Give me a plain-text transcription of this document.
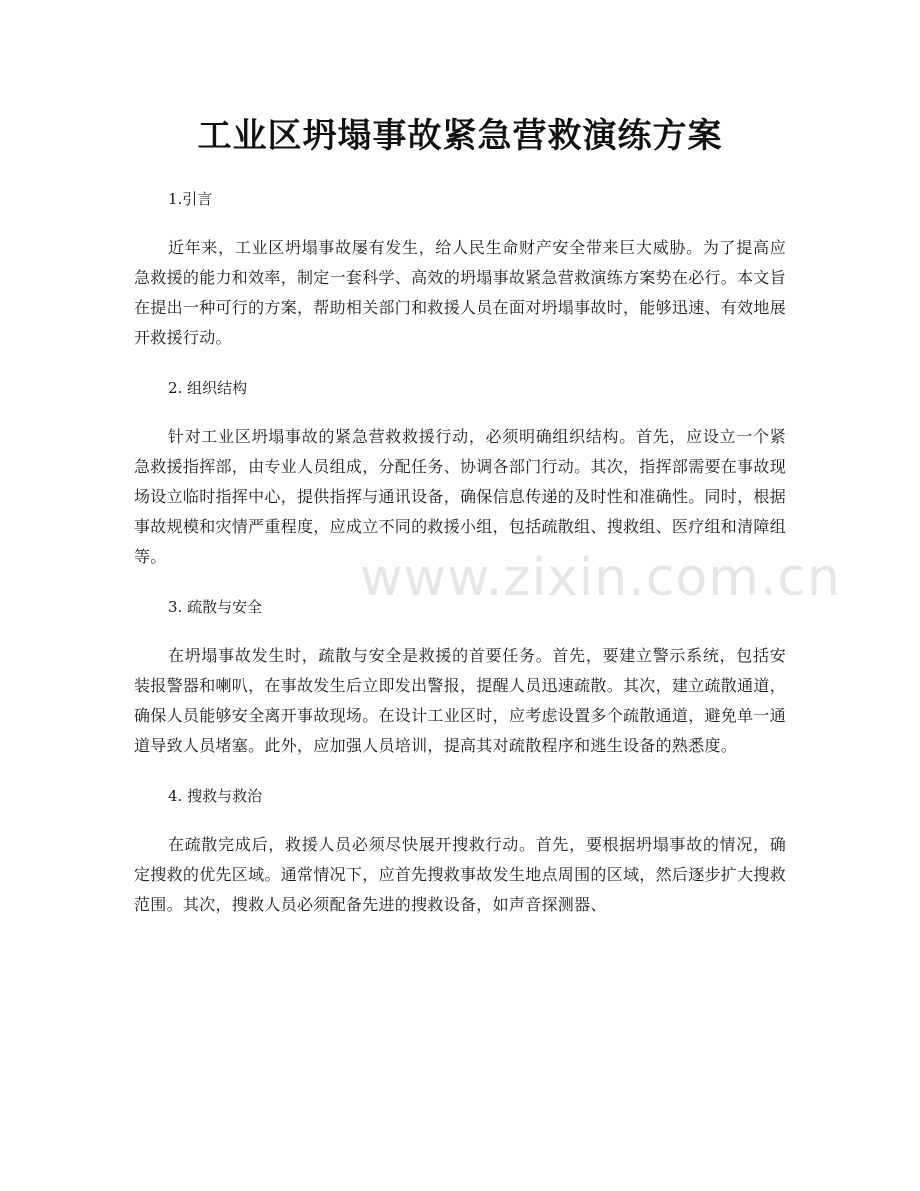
工业区坍塌事故紧急营救演练方案
www.zixin.com.cn
1.引言

近年来，工业区坍塌事故屡有发生，给人民生命财产安全带来巨大威胁。为了提高应急救援的能力和效率，制定一套科学、高效的坍塌事故紧急营救演练方案势在必行。本文旨在提出一种可行的方案，帮助相关部门和救援人员在面对坍塌事故时，能够迅速、有效地展开救援行动。

2. 组织结构

针对工业区坍塌事故的紧急营救救援行动，必须明确组织结构。首先，应设立一个紧急救援指挥部，由专业人员组成，分配任务、协调各部门行动。其次，指挥部需要在事故现场设立临时指挥中心，提供指挥与通讯设备，确保信息传递的及时性和准确性。同时，根据事故规模和灾情严重程度，应成立不同的救援小组，包括疏散组、搜救组、医疗组和清障组等。

3. 疏散与安全

在坍塌事故发生时，疏散与安全是救援的首要任务。首先，要建立警示系统，包括安装报警器和喇叭，在事故发生后立即发出警报，提醒人员迅速疏散。其次，建立疏散通道，确保人员能够安全离开事故现场。在设计工业区时，应考虑设置多个疏散通道，避免单一通道导致人员堵塞。此外，应加强人员培训，提高其对疏散程序和逃生设备的熟悉度。

4. 搜救与救治

在疏散完成后，救援人员必须尽快展开搜救行动。首先，要根据坍塌事故的情况，确定搜救的优先区域。通常情况下，应首先搜救事故发生地点周围的区域，然后逐步扩大搜救范围。其次，搜救人员必须配备先进的搜救设备，如声音探测器、
